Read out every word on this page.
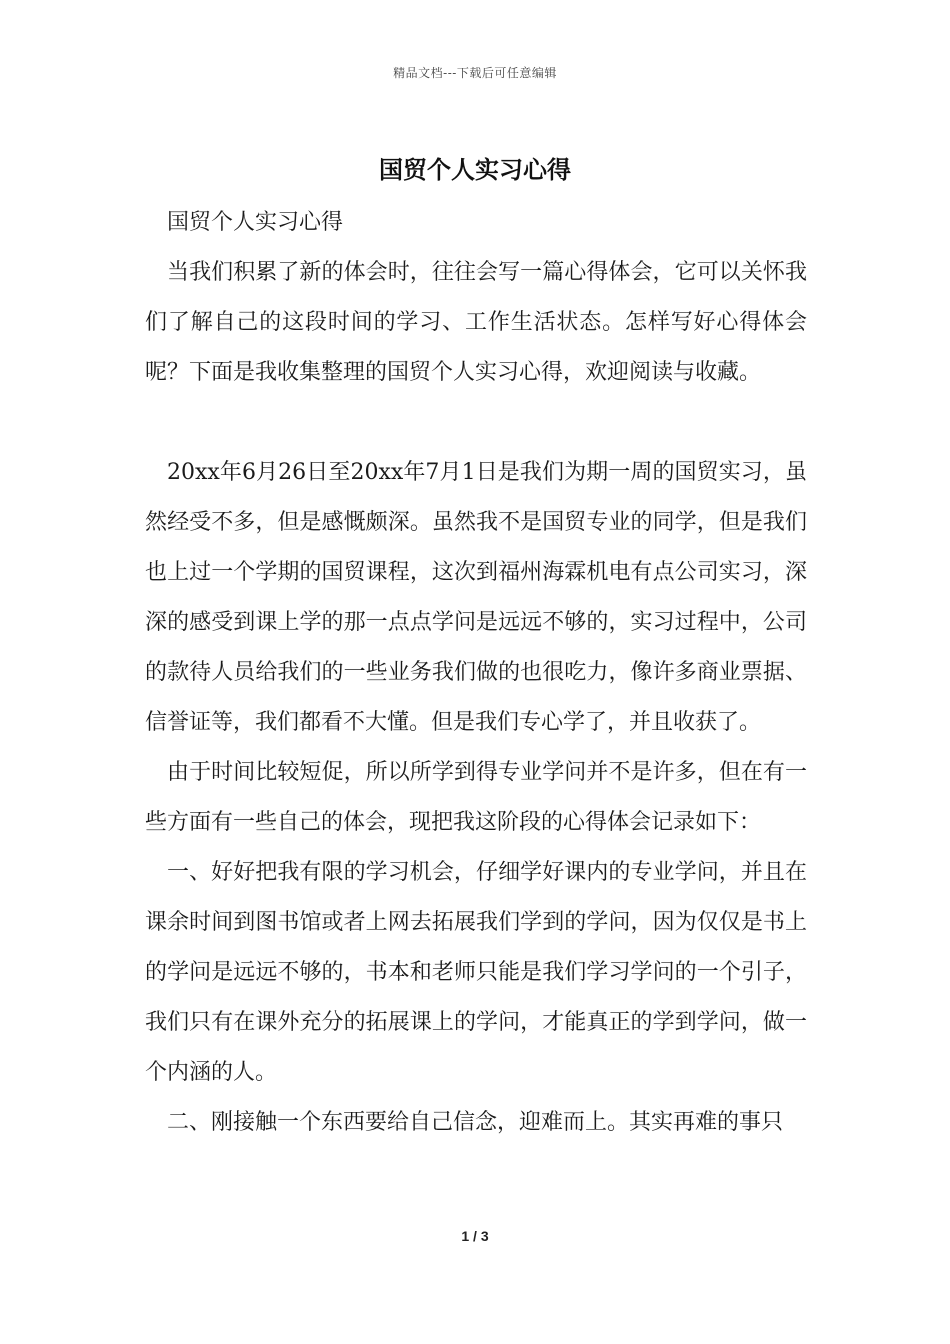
精品文档---下载后可任意编辑
国贸个人实习心得

国贸个人实习心得

当我们积累了新的体会时，往往会写一篇心得体会，它可以关怀我们了解自己的这段时间的学习、工作生活状态。怎样写好心得体会呢？下面是我收集整理的国贸个人实习心得，欢迎阅读与收藏。

20xx年6月26日至20xx年7月1日是我们为期一周的国贸实习，虽然经受不多，但是感慨颇深。虽然我不是国贸专业的同学，但是我们也上过一个学期的国贸课程，这次到福州海霖机电有点公司实习，深深的感受到课上学的那一点点学问是远远不够的，实习过程中，公司的款待人员给我们的一些业务我们做的也很吃力，像许多商业票据、信誉证等，我们都看不大懂。但是我们专心学了，并且收获了。

由于时间比较短促，所以所学到得专业学问并不是许多，但在有一些方面有一些自己的体会，现把我这阶段的心得体会记录如下：

一、好好把我有限的学习机会，仔细学好课内的专业学问，并且在课余时间到图书馆或者上网去拓展我们学到的学问，因为仅仅是书上的学问是远远不够的，书本和老师只能是我们学习学问的一个引子，我们只有在课外充分的拓展课上的学问，才能真正的学到学问，做一个内涵的人。

二、刚接触一个东西要给自己信念，迎难而上。其实再难的事只

1 / 3
